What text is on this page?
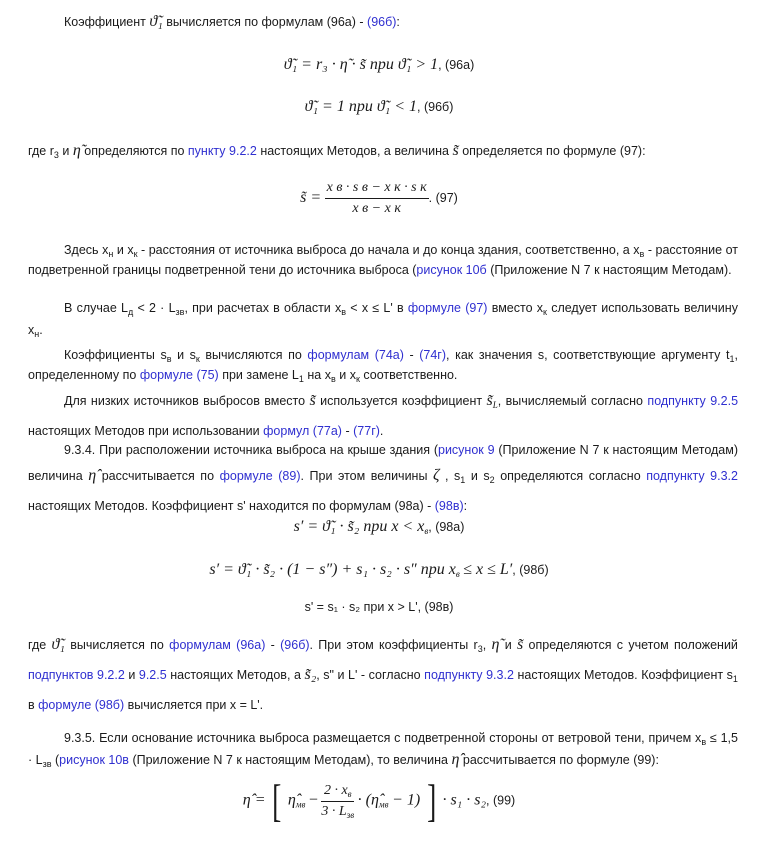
Коэффициент ϑ̃₁ вычисляется по формулам (96а) - (96б):
ϑ̃₁ = r₃ · η̃ · s̃ при ϑ̃₁ > 1, (96а)
ϑ̃₁ = 1 при ϑ̃₁ < 1, (96б)
где $r_3$ и η̃ определяются по пункту 9.2.2 настоящих Методов, а величина s̃ определяется по формуле (97):
s̃ = $\frac{\text{x в · s в − x к · s к}}{\text{x в − x к}}$ . (97)
Здесь $x_н$ и $x_к$ - расстояния от источника выброса до начала и до конца здания, соответственно, а $x_в$ - расстояние от подветренной границы подветренной тени до источника выброса (рисунок 10б (Приложение N 7 к настоящим Методам).
В случае $L_д < 2 \cdot L_{зв}$, при расчетах в области $x_в < x \le L'$ в формуле (97) вместо $x_к$ следует использовать величину $x_н$.
Коэффициенты $s_в$ и $s_к$ вычисляются по формулам (74а) - (74г), как значения s, соответствующие аргументу $t_1$, определенному по формуле (75) при замене $L_1$ на $x_в$ и $x_к$ соответственно.
Для низких источников выбросов вместо s̃ используется коэффициент $s̃_L$, вычисляемый согласно подпункту 9.2.5 настоящих Методов при использовании формул (77а) - (77г).
9.3.4. При расположении источника выброса на крыше здания (рисунок 9 (Приложение N 7 к настоящим Методам) величина η̂ рассчитывается по формуле (89). При этом величины ζ , $s_1$ и $s_2$ определяются согласно подпункту 9.3.2 настоящих Методов. Коэффициент s' находится по формулам (98а) - (98в):
s′ = ϑ̃₁ · s̃₂ при $x < x_в$, (98а)
s′ = ϑ̃₁ · s̃₂ · (1 − s″) + s₁ · s₂ · s″ при $x_в \le x \le L'$, (98б)
s' = s₁ · s₂ при x > L', (98в)
где ϑ̃₁ вычисляется по формулам (96а) - (96б). При этом коэффициенты $r_3$, η̃ и s̃ определяются с учетом положений подпунктов 9.2.2 и 9.2.5 настоящих Методов, а s̃₂, s" и L' - согласно подпункту 9.3.2 настоящих Методов. Коэффициент $s_1$ в формуле (98б) вычисляется при x = L'.
9.3.5. Если основание источника выброса размещается с подветренной стороны от ветровой тени, причем $x_в \le 1,5 \cdot L_{зв}$ (рисунок 10в (Приложение N 7 к настоящим Методам), то величина η̂ рассчитывается по формуле (99):
η̂ = [ $\etâ_{мв} - \frac{2 \cdot x_в}{3 \cdot L_{зв}}$ · $(\etâ_{мв} - 1)$ ] · s₁ · s₂, (99)
